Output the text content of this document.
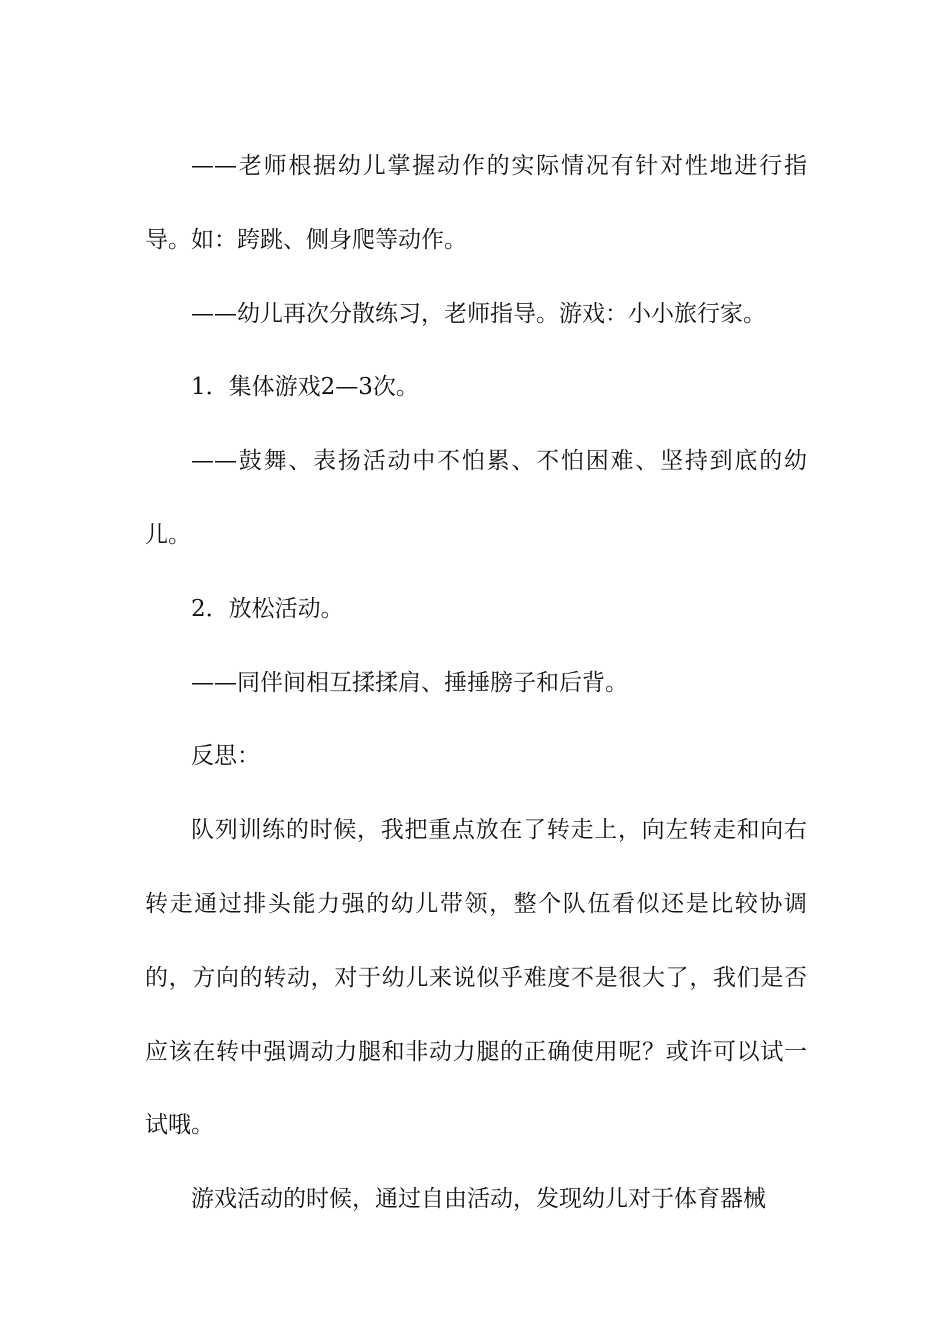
——老师根据幼儿掌握动作的实际情况有针对性地进行指导。如：跨跳、侧身爬等动作。

——幼儿再次分散练习，老师指导。游戏：小小旅行家。

1．集体游戏2—3次。

——鼓舞、表扬活动中不怕累、不怕困难、坚持到底的幼儿。

2．放松活动。

——同伴间相互揉揉肩、捶捶膀子和后背。

反思：

队列训练的时候，我把重点放在了转走上，向左转走和向右转走通过排头能力强的幼儿带领，整个队伍看似还是比较协调的，方向的转动，对于幼儿来说似乎难度不是很大了，我们是否应该在转中强调动力腿和非动力腿的正确使用呢？或许可以试一试哦。

游戏活动的时候，通过自由活动，发现幼儿对于体育器械
